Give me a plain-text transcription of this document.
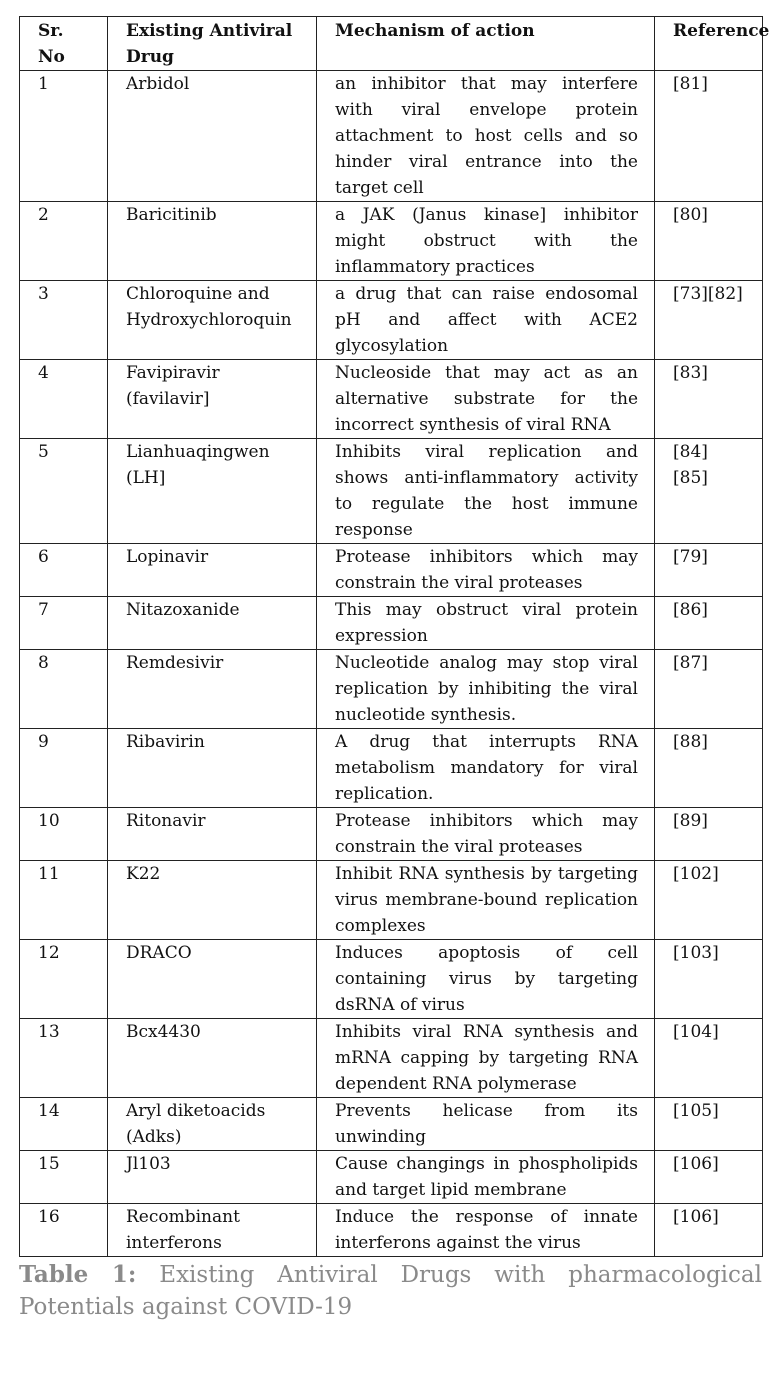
Sr. No	Existing Antiviral Drug	Mechanism of action	Reference
1	Arbidol	an inhibitor that may interfere with viral envelope protein attachment to host cells and so hinder viral entrance into the target cell	[81]
2	Baricitinib	a JAK (Janus kinase] inhibitor might obstruct with the inflammatory practices	[80]
3	Chloroquine and Hydroxychloroquin	a drug that can raise endosomal pH and affect with ACE2 glycosylation	[73][82]
4	Favipiravir (favilavir]	Nucleoside that may act as an alternative substrate for the incorrect synthesis of viral RNA	[83]
5	Lianhuaqingwen (LH]	Inhibits viral replication and shows anti-inflammatory activity to regulate the host immune response	[84] [85]
6	Lopinavir	Protease inhibitors which may constrain the viral proteases	[79]
7	Nitazoxanide	This may obstruct viral protein expression	[86]
8	Remdesivir	Nucleotide analog may stop viral replication by inhibiting the viral nucleotide synthesis.	[87]
9	Ribavirin	A drug that interrupts RNA metabolism mandatory for viral replication.	[88]
10	Ritonavir	Protease inhibitors which may constrain the viral proteases	[89]
11	K22	Inhibit RNA synthesis by targeting virus membrane-bound replication complexes	[102]
12	DRACO	Induces apoptosis of cell containing virus by targeting dsRNA of virus	[103]
13	Bcx4430	Inhibits viral RNA synthesis and mRNA capping by targeting RNA dependent RNA polymerase	[104]
14	Aryl diketoacids (Adks)	Prevents helicase from its unwinding	[105]
15	Jl103	Cause changings in phospholipids and target lipid membrane	[106]
16	Recombinant interferons	Induce the response of innate interferons against the virus	[106]
Table 1: Existing Antiviral Drugs with pharmacological Potentials against COVID-19
